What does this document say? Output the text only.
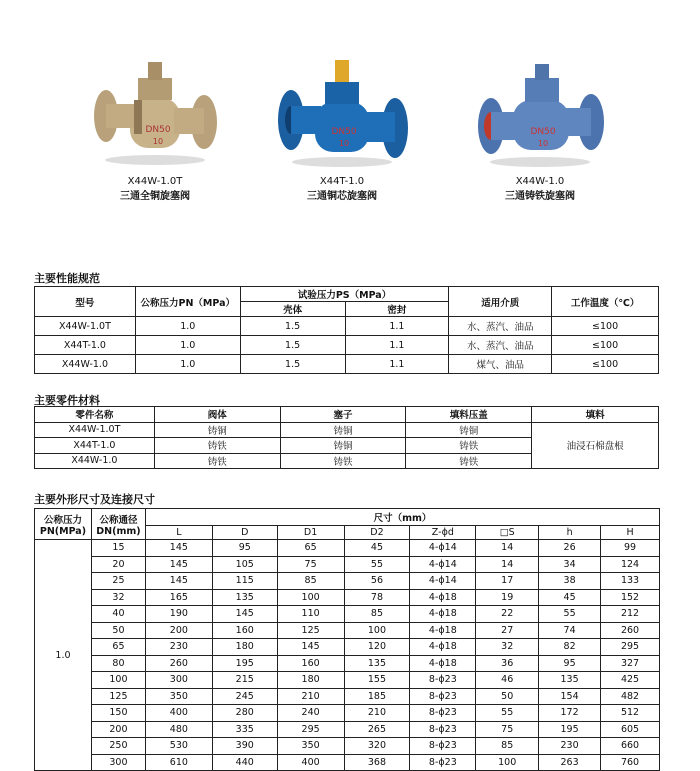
DN50
10
X44W-1.0T
三通全铜旋塞阀
DN50
10
X44T-1.0
三通铜芯旋塞阀
DN50
10
X44W-1.0
三通铸铁旋塞阀
主要性能规范
型号	公称压力PN（MPa）	试验压力PS（MPa）		适用介质	工作温度（℃）
		壳体	密封		
X44W-1.0T	1.0	1.5	1.1	水、蒸汽、油品	≤100
X44T-1.0	1.0	1.5	1.1	水、蒸汽、油品	≤100
X44W-1.0	1.0	1.5	1.1	煤气、油品	≤100
主要零件材料
零件名称	阀体	塞子	填料压盖	填料
X44W-1.0T	铸铜	铸铜	铸铜	油浸石棉盘根
X44T-1.0	铸铁	铸铜	铸铁	
X44W-1.0	铸铁	铸铁	铸铁	
主要外形尺寸及连接尺寸
公称压力PN(MPa)	公称通径DN(mm)	尺寸（mm）							
		L	D	D1	D2	Z-ϕd	□S	h	H
1.0	15	145	95	65	45	4-ϕ14	14	26	99
	20	145	105	75	55	4-ϕ14	14	34	124
	25	145	115	85	56	4-ϕ14	17	38	133
	32	165	135	100	78	4-ϕ18	19	45	152
	40	190	145	110	85	4-ϕ18	22	55	212
	50	200	160	125	100	4-ϕ18	27	74	260
	65	230	180	145	120	4-ϕ18	32	82	295
	80	260	195	160	135	4-ϕ18	36	95	327
	100	300	215	180	155	8-ϕ23	46	135	425
	125	350	245	210	185	8-ϕ23	50	154	482
	150	400	280	240	210	8-ϕ23	55	172	512
	200	480	335	295	265	8-ϕ23	75	195	605
	250	530	390	350	320	8-ϕ23	85	230	660
	300	610	440	400	368	8-ϕ23	100	263	760
